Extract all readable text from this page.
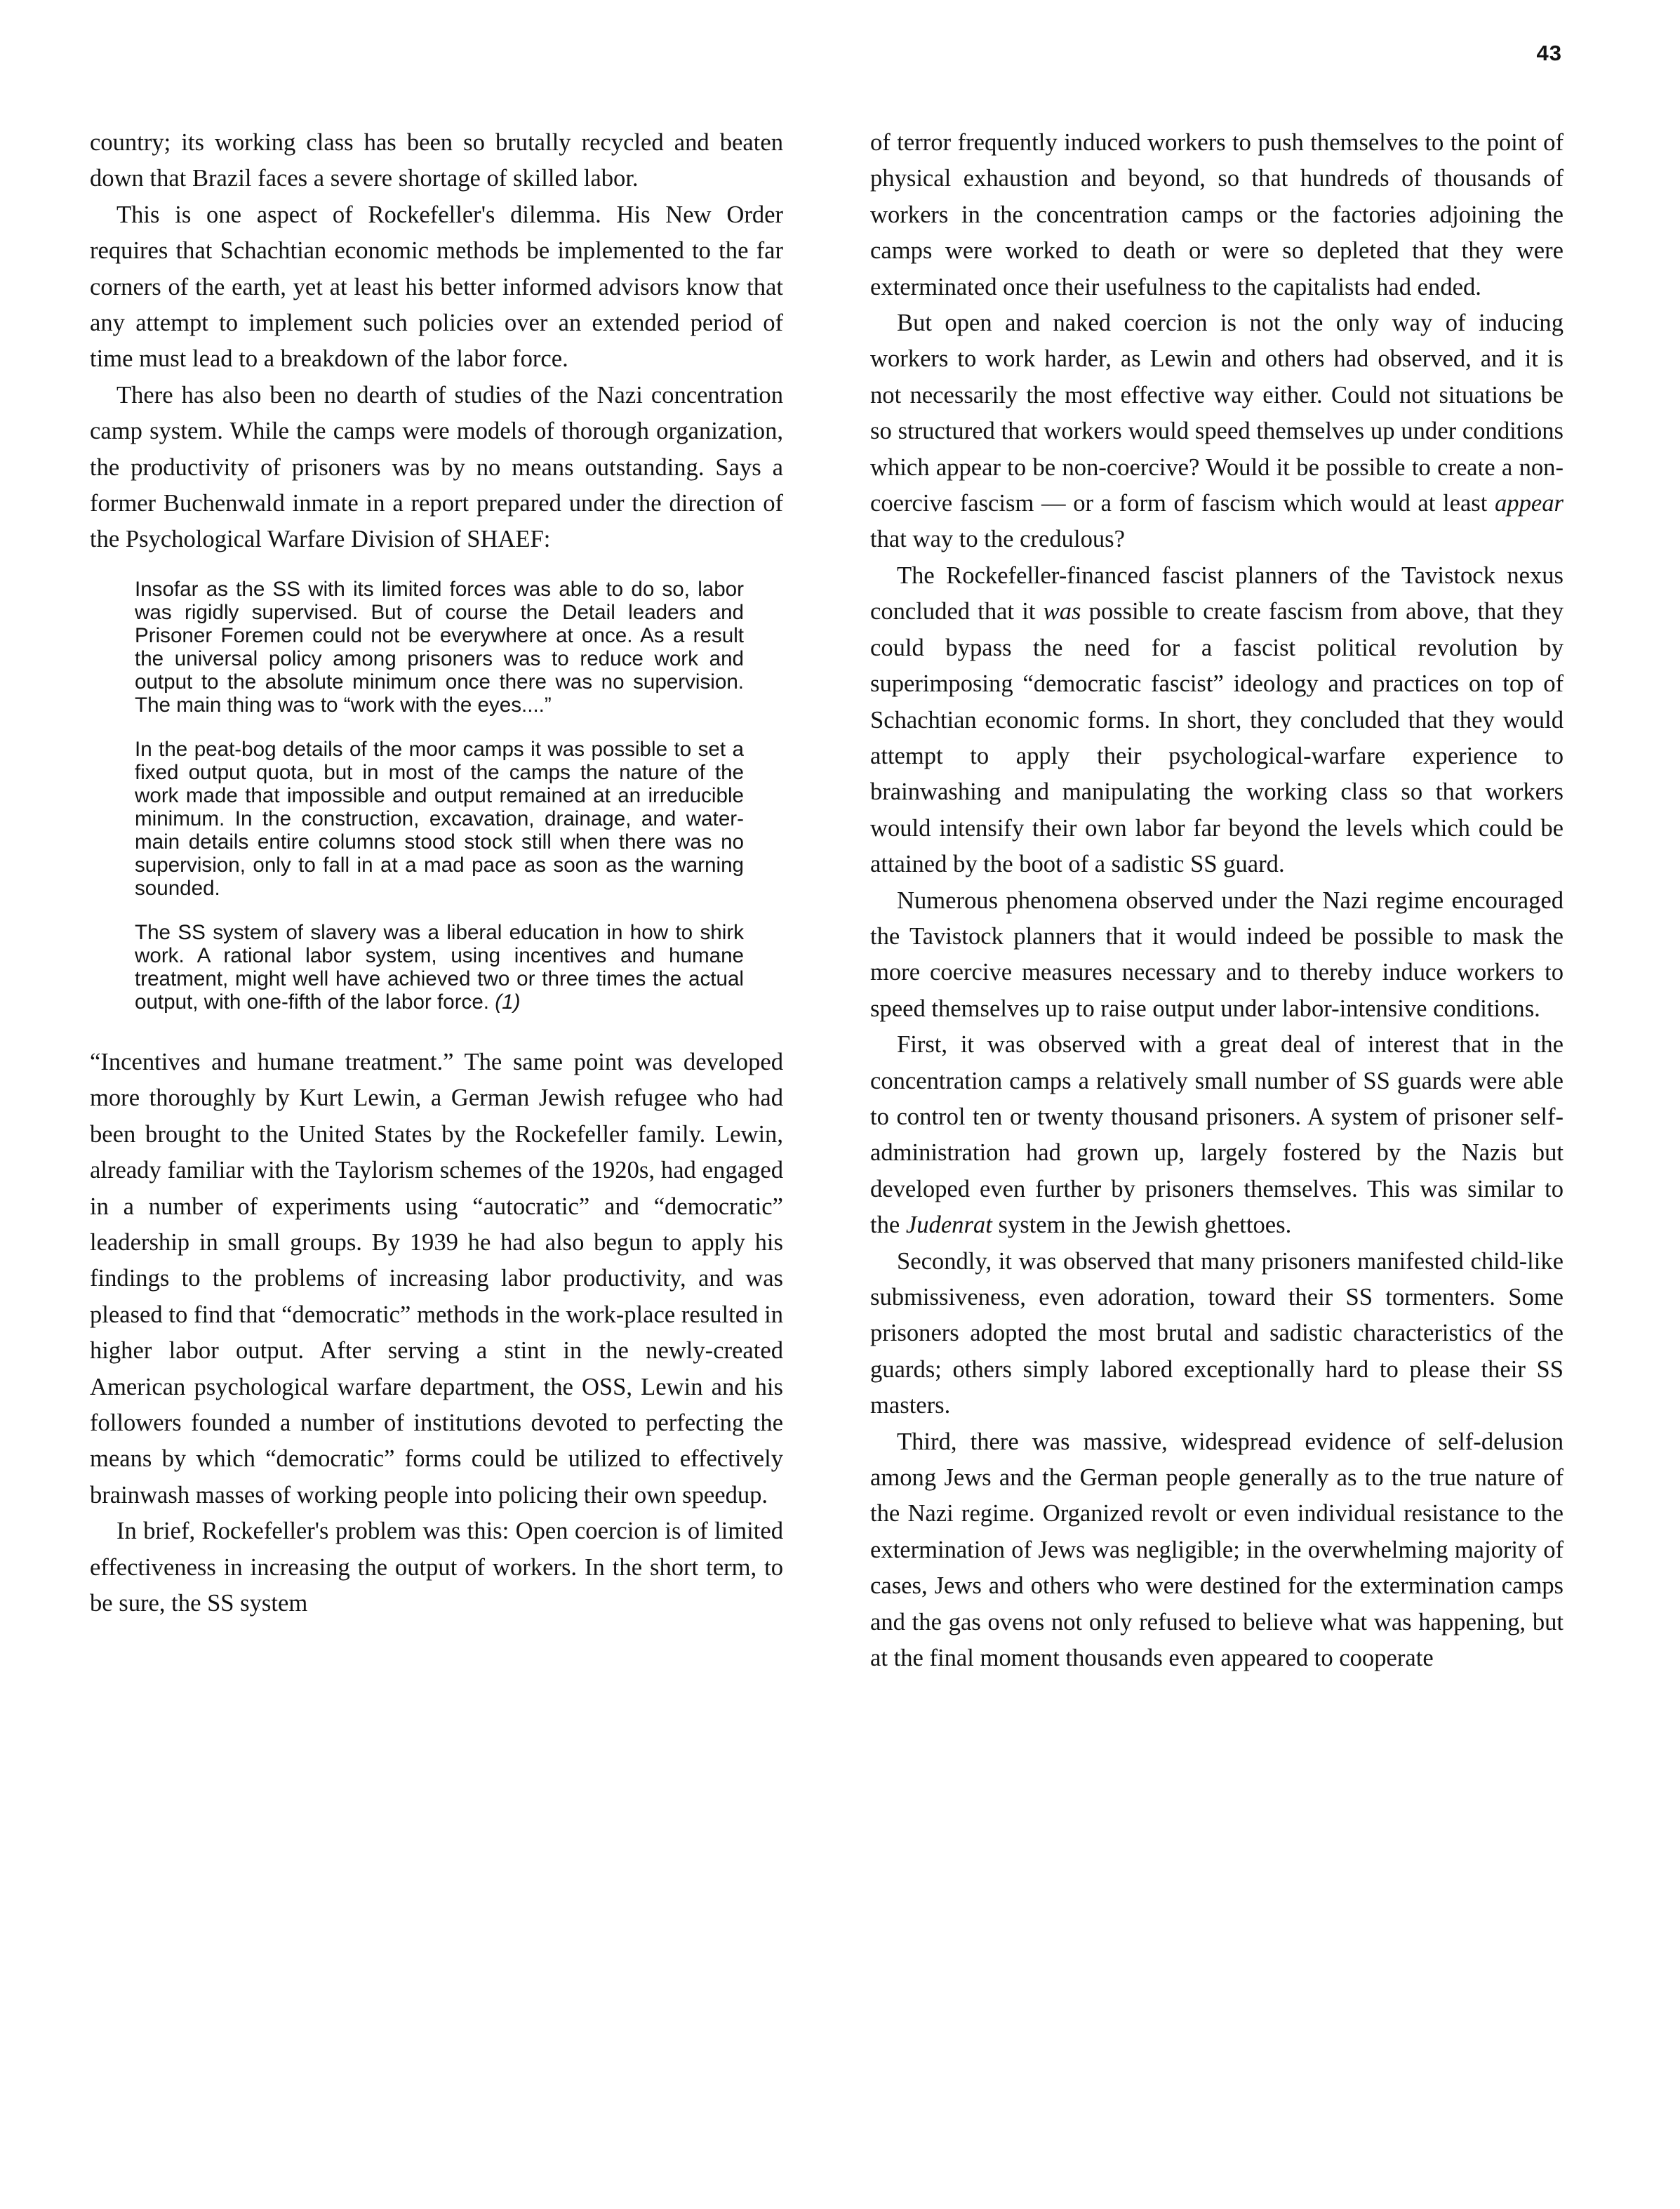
43

country; its working class has been so brutally recycled and beaten down that Brazil faces a severe shortage of skilled labor.

This is one aspect of Rockefeller's dilemma. His New Order requires that Schachtian economic methods be implemented to the far corners of the earth, yet at least his better informed advisors know that any attempt to implement such policies over an extended period of time must lead to a breakdown of the labor force.

There has also been no dearth of studies of the Nazi concentration camp system. While the camps were models of thorough organization, the productivity of prisoners was by no means outstanding. Says a former Buchenwald inmate in a report prepared under the direction of the Psychological Warfare Division of SHAEF:

Insofar as the SS with its limited forces was able to do so, labor was rigidly supervised. But of course the Detail leaders and Prisoner Foremen could not be everywhere at once. As a result the universal policy among prisoners was to reduce work and output to the absolute minimum once there was no supervision. The main thing was to “work with the eyes....”

In the peat-bog details of the moor camps it was possible to set a fixed output quota, but in most of the camps the nature of the work made that impossible and output remained at an irreducible minimum. In the construction, excavation, drainage, and water-main details entire columns stood stock still when there was no supervision, only to fall in at a mad pace as soon as the warning sounded.

The SS system of slavery was a liberal education in how to shirk work. A rational labor system, using incentives and humane treatment, might well have achieved two or three times the actual output, with one-fifth of the labor force. (1)

“Incentives and humane treatment.” The same point was developed more thoroughly by Kurt Lewin, a German Jewish refugee who had been brought to the United States by the Rockefeller family. Lewin, already familiar with the Taylorism schemes of the 1920s, had engaged in a number of experiments using “autocratic” and “democratic” leadership in small groups. By 1939 he had also begun to apply his findings to the problems of increasing labor productivity, and was pleased to find that “democratic” methods in the work-place resulted in higher labor output. After serving a stint in the newly-created American psychological warfare department, the OSS, Lewin and his followers founded a number of institutions devoted to perfecting the means by which “democratic” forms could be utilized to effectively brainwash masses of working people into policing their own speedup.

In brief, Rockefeller's problem was this: Open coercion is of limited effectiveness in increasing the output of workers. In the short term, to be sure, the SS system

of terror frequently induced workers to push themselves to the point of physical exhaustion and beyond, so that hundreds of thousands of workers in the concentration camps or the factories adjoining the camps were worked to death or were so depleted that they were exterminated once their usefulness to the capitalists had ended.

But open and naked coercion is not the only way of inducing workers to work harder, as Lewin and others had observed, and it is not necessarily the most effective way either. Could not situations be so structured that workers would speed themselves up under conditions which appear to be non-coercive? Would it be possible to create a non-coercive fascism — or a form of fascism which would at least appear that way to the credulous?

The Rockefeller-financed fascist planners of the Tavistock nexus concluded that it was possible to create fascism from above, that they could bypass the need for a fascist political revolution by superimposing “democratic fascist” ideology and practices on top of Schachtian economic forms. In short, they concluded that they would attempt to apply their psychological-warfare experience to brainwashing and manipulating the working class so that workers would intensify their own labor far beyond the levels which could be attained by the boot of a sadistic SS guard.

Numerous phenomena observed under the Nazi regime encouraged the Tavistock planners that it would indeed be possible to mask the more coercive measures necessary and to thereby induce workers to speed themselves up to raise output under labor-intensive conditions.

First, it was observed with a great deal of interest that in the concentration camps a relatively small number of SS guards were able to control ten or twenty thousand prisoners. A system of prisoner self-administration had grown up, largely fostered by the Nazis but developed even further by prisoners themselves. This was similar to the Judenrat system in the Jewish ghettoes.

Secondly, it was observed that many prisoners manifested child-like submissiveness, even adoration, toward their SS tormenters. Some prisoners adopted the most brutal and sadistic characteristics of the guards; others simply labored exceptionally hard to please their SS masters.

Third, there was massive, widespread evidence of self-delusion among Jews and the German people generally as to the true nature of the Nazi regime. Organized revolt or even individual resistance to the extermination of Jews was negligible; in the overwhelming majority of cases, Jews and others who were destined for the extermination camps and the gas ovens not only refused to believe what was happening, but at the final moment thousands even appeared to cooperate
